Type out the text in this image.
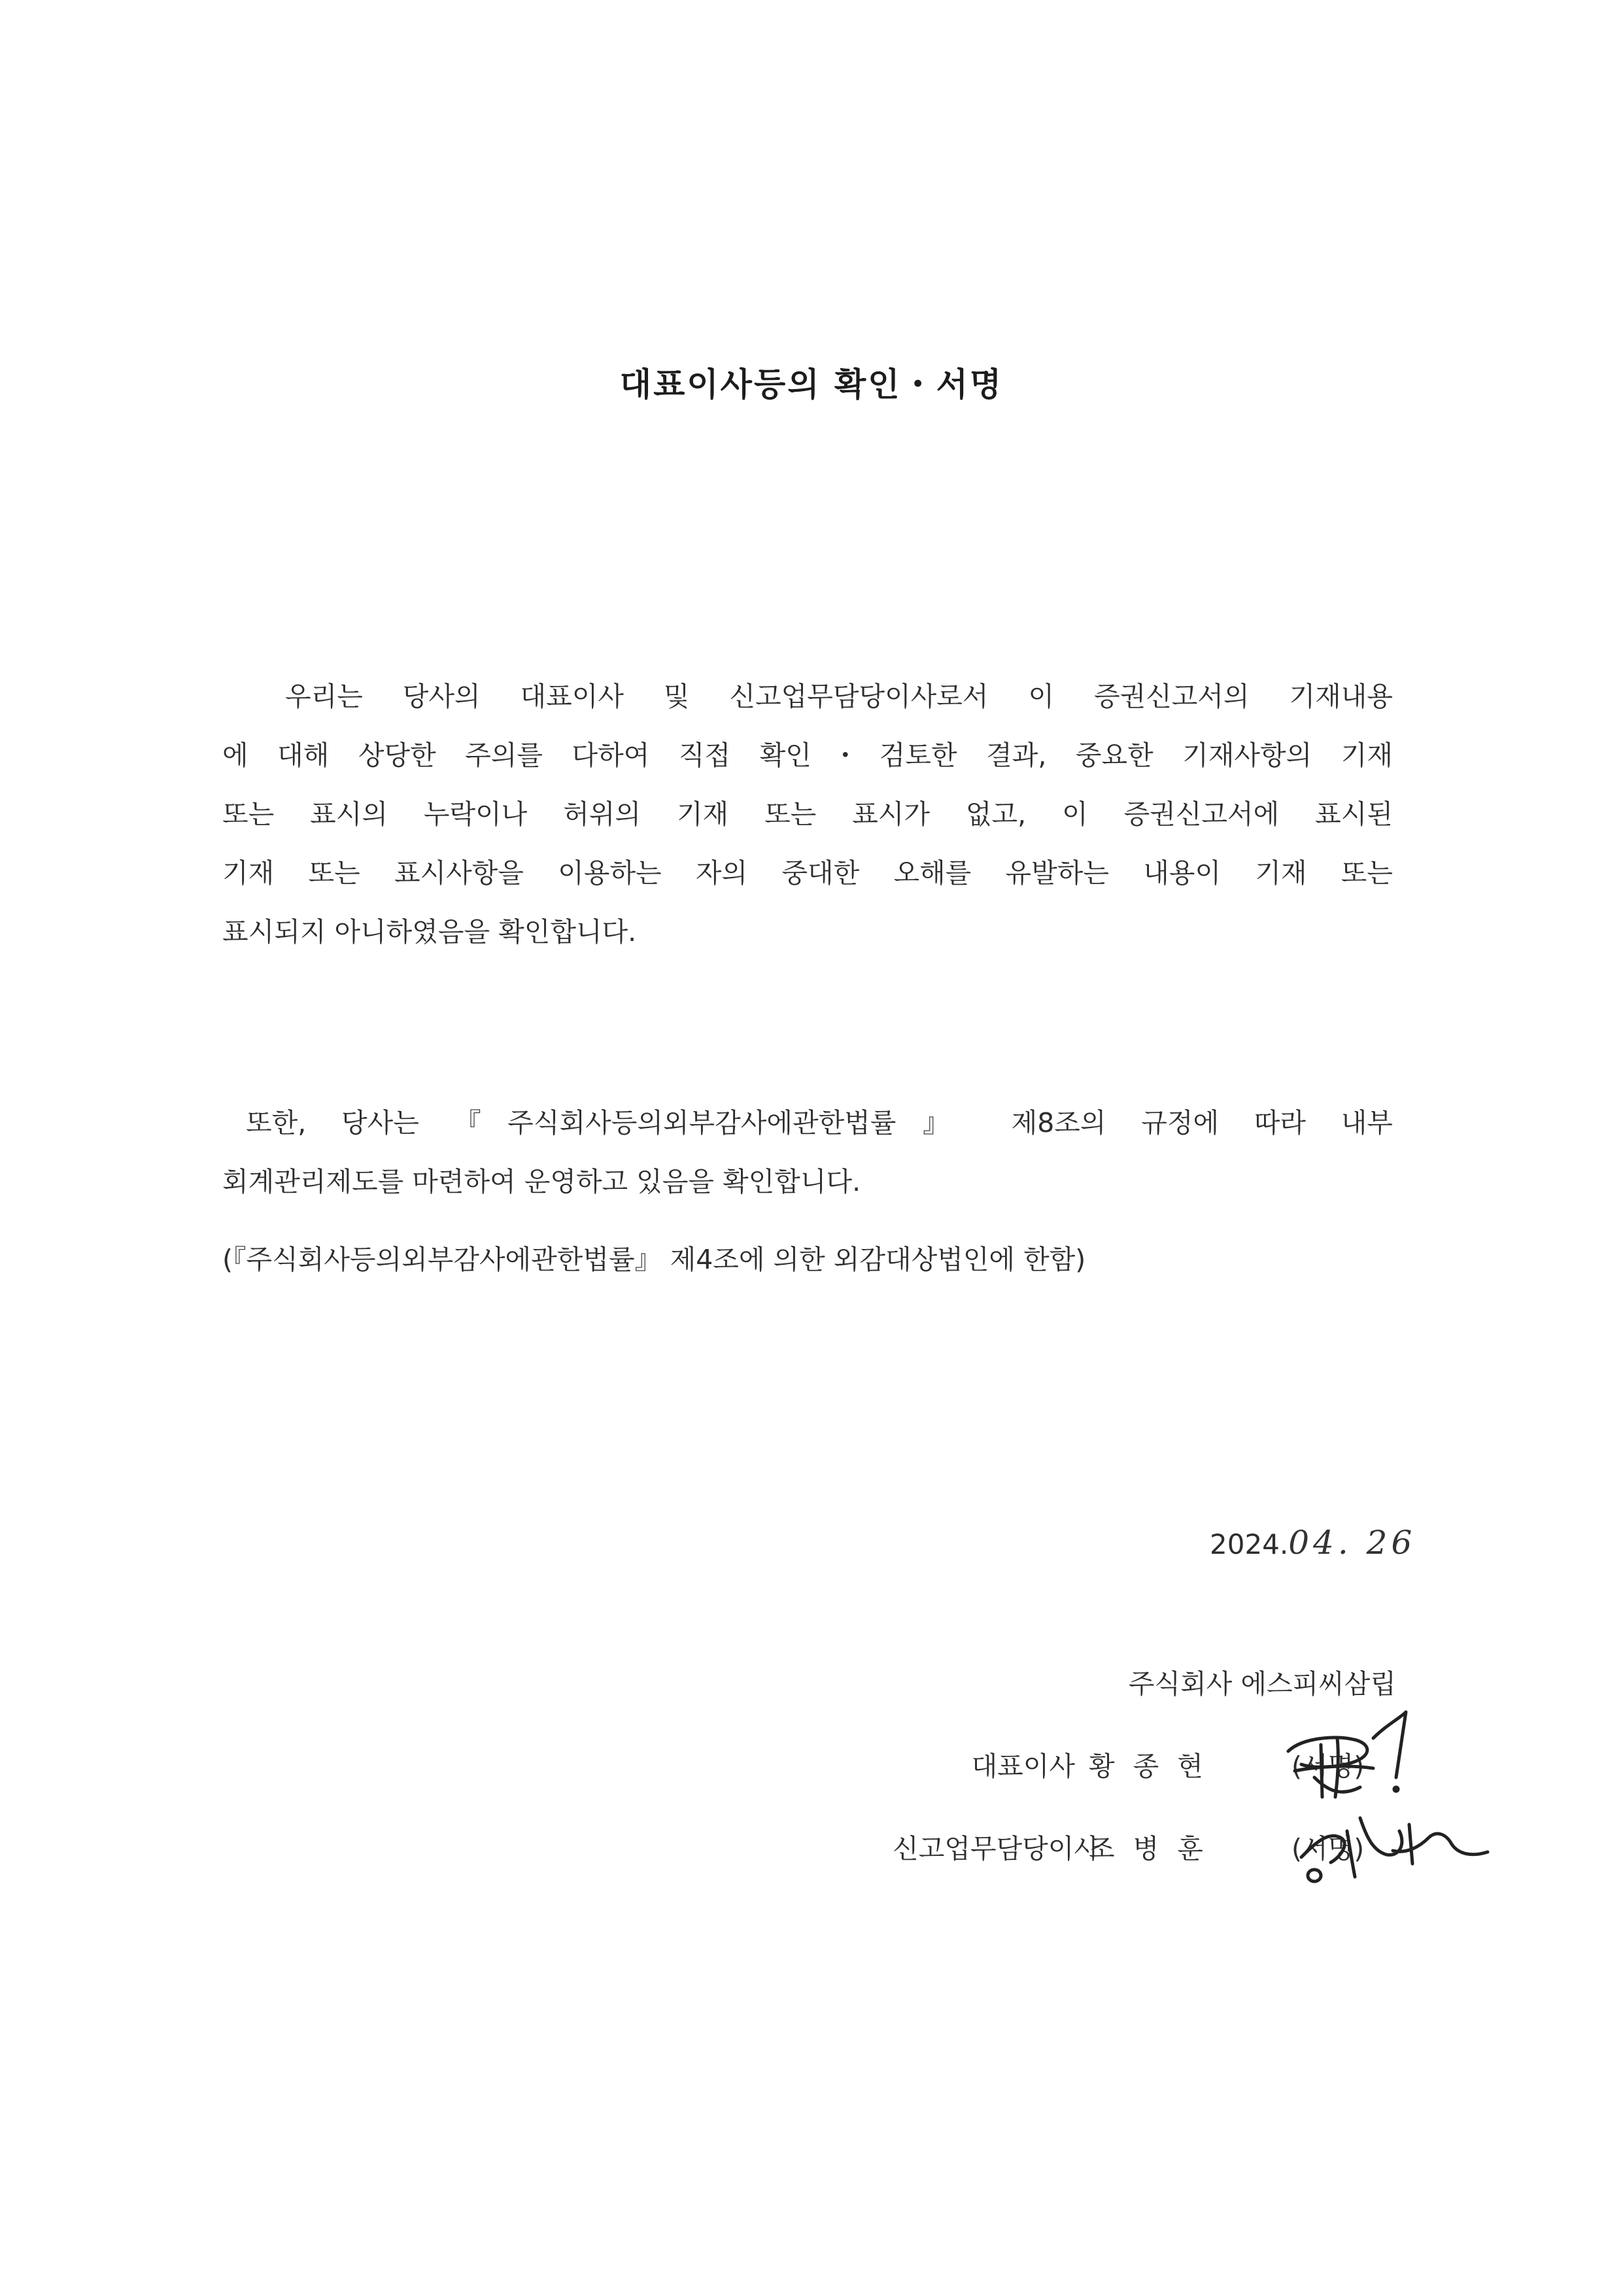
대표이사등의 확인・서명

우리는 당사의 대표이사 및 신고업무담당이사로서 이 증권신고서의 기재내용

에 대해 상당한 주의를 다하여 직접 확인・검토한 결과, 중요한 기재사항의 기재

또는 표시의 누락이나 허위의 기재 또는 표시가 없고, 이 증권신고서에 표시된

기재 또는 표시사항을 이용하는 자의 중대한 오해를 유발하는 내용이 기재 또는

표시되지 아니하였음을 확인합니다.

또한, 당사는 『주식회사등의외부감사에관한법률』 제8조의 규정에 따라 내부

회계관리제도를 마련하여 운영하고 있음을 확인합니다.

(『주식회사등의외부감사에관한법률』 제4조에 의한 외감대상법인에 한함)
2024.04. 26
주식회사 에스피씨삼립
대표이사 황종현	(서명)
신고업무담당이사
조병훈	(서명)
